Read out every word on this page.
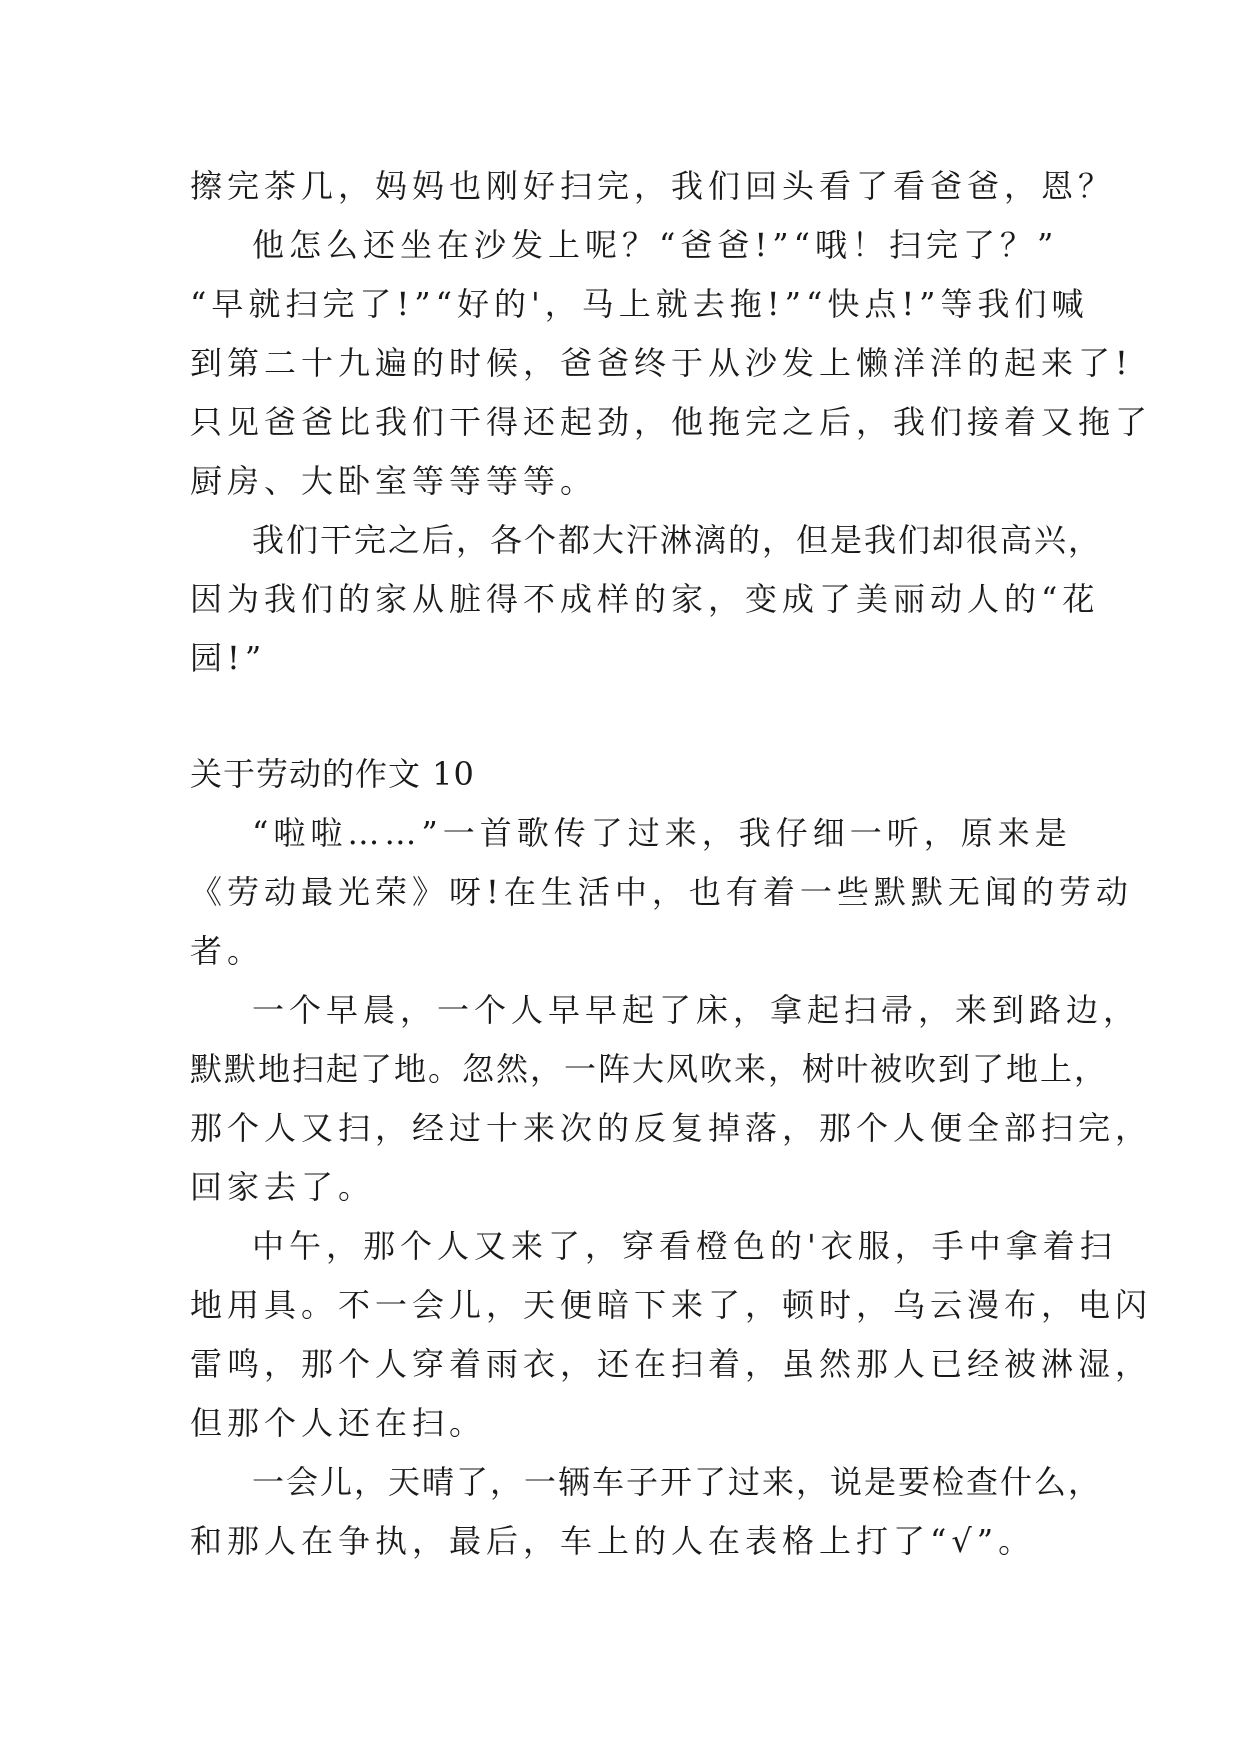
擦完茶几，妈妈也刚好扫完，我们回头看了看爸爸，恩？
他怎么还坐在沙发上呢？“爸爸!”“哦！扫完了？”
“早就扫完了!”“好的'，马上就去拖!”“快点!”等我们喊
到第二十九遍的时候，爸爸终于从沙发上懒洋洋的起来了!
只见爸爸比我们干得还起劲，他拖完之后，我们接着又拖了
厨房、大卧室等等等等。
我们干完之后，各个都大汗淋漓的，但是我们却很高兴，
因为我们的家从脏得不成样的家，变成了美丽动人的“花
园!”
关于劳动的作文 10
“啦啦……”一首歌传了过来，我仔细一听，原来是
《劳动最光荣》呀!在生活中，也有着一些默默无闻的劳动
者。
一个早晨，一个人早早起了床，拿起扫帚，来到路边，
默默地扫起了地。忽然，一阵大风吹来，树叶被吹到了地上，
那个人又扫，经过十来次的反复掉落，那个人便全部扫完，
回家去了。
中午，那个人又来了，穿看橙色的'衣服，手中拿着扫
地用具。不一会儿，天便暗下来了，顿时，乌云漫布，电闪
雷鸣，那个人穿着雨衣，还在扫着，虽然那人已经被淋湿，
但那个人还在扫。
一会儿，天晴了，一辆车子开了过来，说是要检查什么，
和那人在争执，最后，车上的人在表格上打了“√”。
